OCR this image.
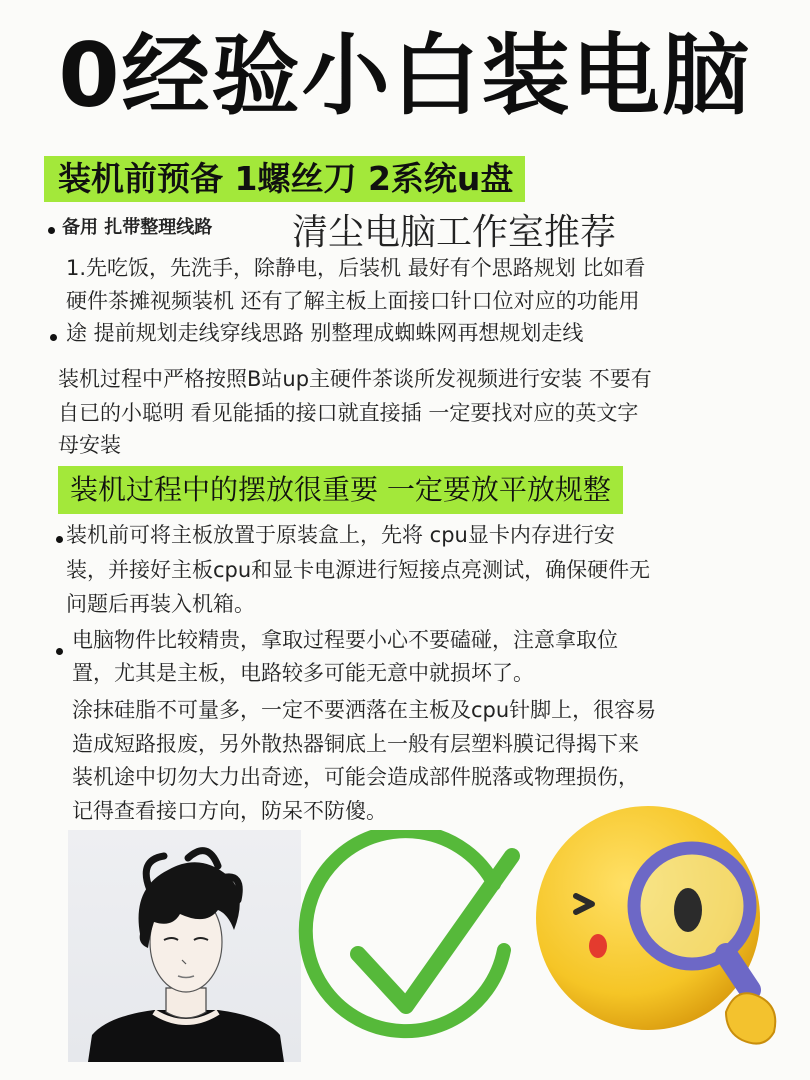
0经验小白装电脑
装机前预备 1螺丝刀 2系统u盘
备用 扎带整理线路 清尘电脑工作室推荐
1.先吃饭，先洗手，除静电，后装机 最好有个思路规划 比如看
硬件茶摊视频装机 还有了解主板上面接口针口位对应的功能用
途 提前规划走线穿线思路 别整理成蜘蛛网再想规划走线
装机过程中严格按照B站up主硬件茶谈所发视频进行安装 不要有
自已的小聪明 看见能插的接口就直接插 一定要找对应的英文字
母安装
装机过程中的摆放很重要 一定要放平放规整
装机前可将主板放置于原装盒上，先将 cpu显卡内存进行安
装，并接好主板cpu和显卡电源进行短接点亮测试，确保硬件无
问题后再装入机箱。
电脑物件比较精贵，拿取过程要小心不要磕碰，注意拿取位
置，尤其是主板，电路较多可能无意中就损坏了。
涂抹硅脂不可量多，一定不要洒落在主板及cpu针脚上，很容易
造成短路报废，另外散热器铜底上一般有层塑料膜记得揭下来
装机途中切勿大力出奇迹，可能会造成部件脱落或物理损伤，
记得查看接口方向，防呆不防傻。
